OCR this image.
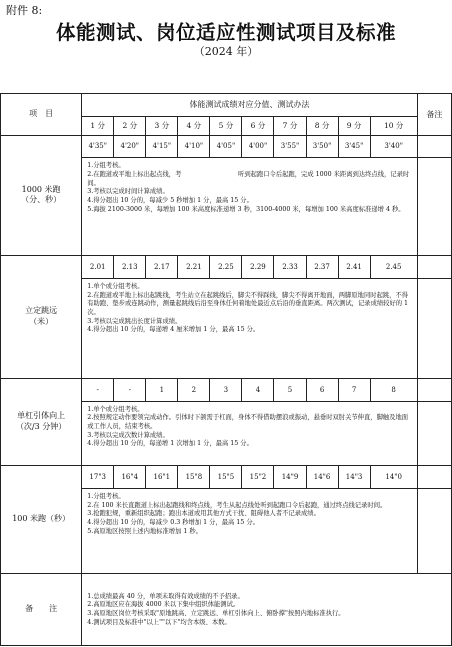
附件 8:
体能测试、岗位适应性测试项目及标准
（2024 年）
项　目	体能测试成绩对应分值、测试办法										备注
	1 分	2 分	3 分	4 分	5 分	6 分	7 分	8 分	9 分	10 分	

1000 米跑
（分、秒）	4'35"	4'20"	4'15"	4'10"	4'05"	4'00"	3'55"	3'50"	3'45"	3'40"	

	1.分组考核。
2.在跑道或平地上标出起点线，考　　　　　　　　　听到起跑口令后起跑，完成 1000 米距离到达终点线，记录时间。
3.考核以完成时间计算成绩。
4.得分超出 10 分的，每减少 5 秒增加 1 分，最高 15 分。
5.海拔 2100-3000 米，每增加 100 米高度标准递增 3 秒，3100-4000 米，每增加 100 米高度标准递增 4 秒。										

立定跳远
（米）	2.01	2.13	2.17	2.21	2.25	2.29	2.33	2.37	2.41	2.45	

	1.单个或分组考核。
2.在跑道或平地上标出起跳线，考生站立在起跳线后，脚尖不得踩线，脚尖不得离开地面，两脚原地同时起跳，不得有助跑、垫步或连跳动作，测量起跳线后沿至身体任何着地处最近点后沿的垂直距离。两次测试，记录成绩较好的 1 次。
3.考核以完成跳出长度计算成绩。
4.得分超出 10 分的，每递增 4 厘米增加 1 分，最高 15 分。										

单杠引体向上
（次/3 分钟）	-	-	1	2	3	4	5	6	7	8	

	1.单个或分组考核。
2.按照规定动作要领完成动作。引体时下颌需于杠面，身体不得借助摆浪或振动，悬垂时双肘关节伸直，脚触及地面或工作人员，结束考核。
3.考核以完成次数计算成绩。
4.得分超出 10 分的，每递增 1 次增加 1 分，最高 15 分。										

100 米跑（秒）	17"3	16"4	16"1	15"8	15"5	15"2	14"9	14"6	14"3	14"0	

	1.分组考核。
2.在 100 米长直跑道上标出起跑线和终点线，考生从起点线处听到起跑口令后起跑，通过终点线记录时间。
3.抢跑犯规，重新组织起跑；跑出本道或用其他方式干扰、阻碍他人者不记录成绩。
4.得分超出 10 分的，每减少 0.3 秒增加 1 分，最高 15 分。
5.高原地区按照上述内地标准增加 1 秒。										

备　　注	1.总成绩最高 40 分，单项未取得有效成绩的不予招录。
2.高原地区应在海拔 4000 米以下集中组织体能测试。
3.高原地区岗位考核采取"原地跳高、立定跳远、单杠引体向上、俯卧撑"按照内地标准执行。
4.测试项目及标准中"以上""以下"均含本级、本数。										
